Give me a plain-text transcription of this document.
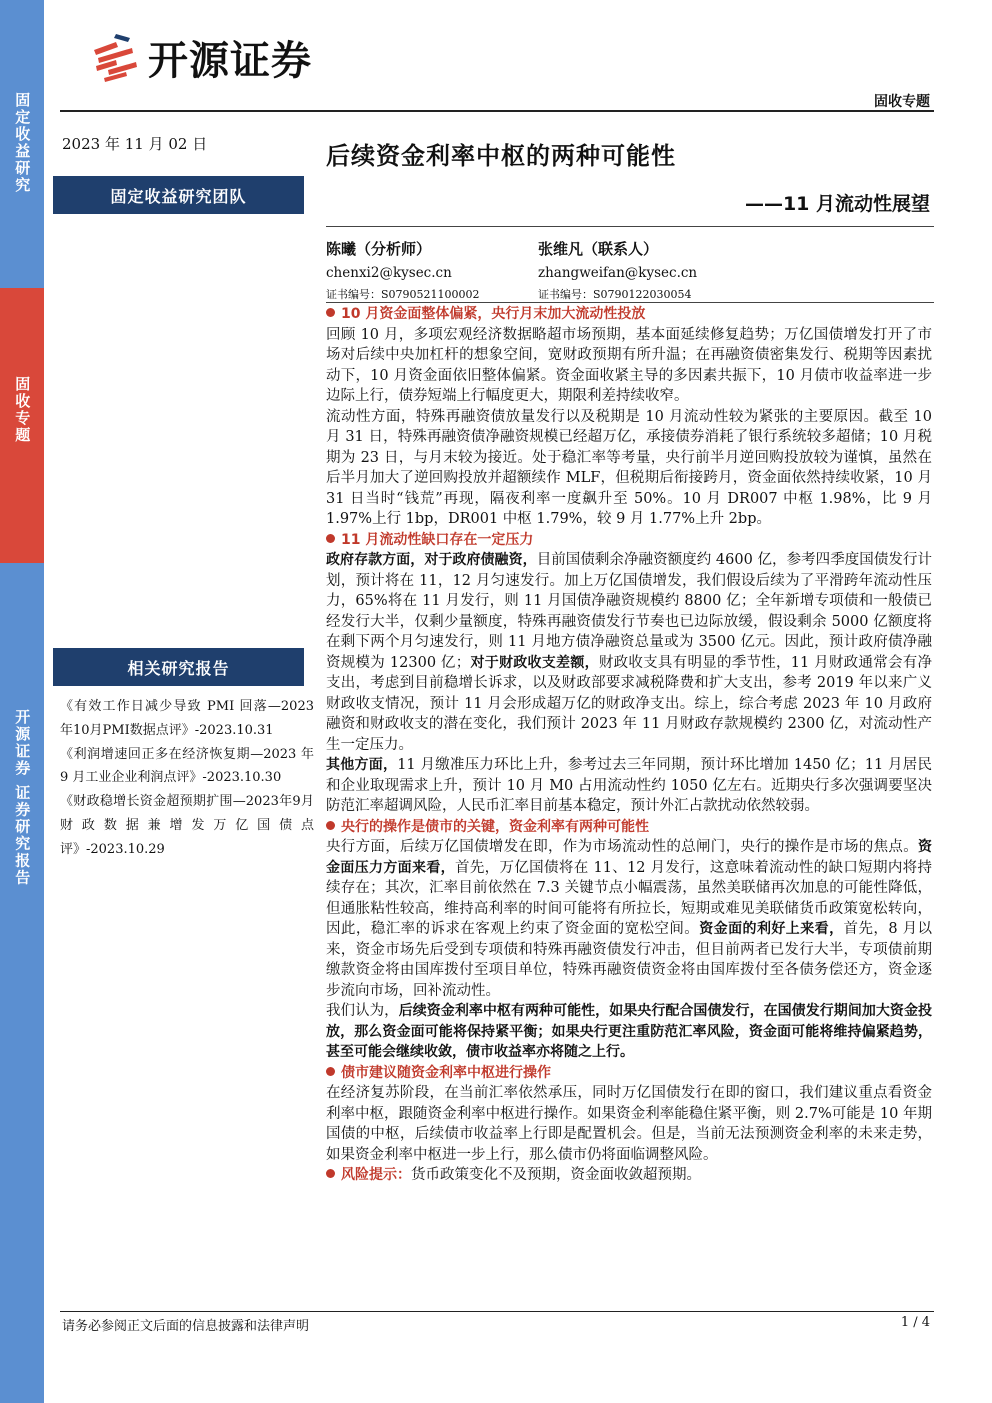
固定收益研究
固收专题
开源证券 证券研究报告
开源证券
固收专题
2023 年 11 月 02 日
固定收益研究团队
相关研究报告

《有效工作日减少导致 PMI 回落—2023 年10月PMI数据点评》-2023.10.31

《利润增速回正多在经济恢复期—2023 年 9 月工业企业利润点评》-2023.10.30

《财政稳增长资金超预期扩围—2023年9月财政数据兼增发万亿国债点评》-2023.10.29

后续资金利率中枢的两种可能性
——11 月流动性展望
陈曦（分析师）
chenxi2@kysec.cn
证书编号：S0790521100002
张维凡（联系人）
zhangweifan@kysec.cn
证书编号：S0790122030054

10 月资金面整体偏紧，央行月末加大流动性投放

回顾 10 月，多项宏观经济数据略超市场预期，基本面延续修复趋势；万亿国债增发打开了市场对后续中央加杠杆的想象空间，宽财政预期有所升温；在再融资债密集发行、税期等因素扰动下，10 月资金面依旧整体偏紧。资金面收紧主导的多因素共振下，10 月债市收益率进一步边际上行，债券短端上行幅度更大，期限利差持续收窄。

流动性方面，特殊再融资债放量发行以及税期是 10 月流动性较为紧张的主要原因。截至 10 月 31 日，特殊再融资债净融资规模已经超万亿，承接债券消耗了银行系统较多超储；10 月税期为 23 日，与月末较为接近。处于稳汇率等考量，央行前半月逆回购投放较为谨慎，虽然在后半月加大了逆回购投放并超额续作 MLF，但税期后衔接跨月，资金面依然持续收紧，10 月 31 日当时“钱荒”再现，隔夜利率一度飙升至 50%。10 月 DR007 中枢 1.98%，比 9 月 1.97%上行 1bp，DR001 中枢 1.79%，较 9 月 1.77%上升 2bp。

11 月流动性缺口存在一定压力

政府存款方面，对于政府债融资，目前国债剩余净融资额度约 4600 亿，参考四季度国债发行计划，预计将在 11，12 月匀速发行。加上万亿国债增发，我们假设后续为了平滑跨年流动性压力，65%将在 11 月发行，则 11 月国债净融资规模约 8800 亿；全年新增专项债和一般债已经发行大半，仅剩少量额度，特殊再融资债发行节奏也已边际放缓，假设剩余 5000 亿额度将在剩下两个月匀速发行，则 11 月地方债净融资总量或为 3500 亿元。因此，预计政府债净融资规模为 12300 亿；对于财政收支差额，财政收支具有明显的季节性，11 月财政通常会有净支出，考虑到目前稳增长诉求，以及财政部要求减税降费和扩大支出，参考 2019 年以来广义财政收支情况，预计 11 月会形成超万亿的财政净支出。综上，综合考虑 2023 年 10 月政府融资和财政收支的潜在变化，我们预计 2023 年 11 月财政存款规模约 2300 亿，对流动性产生一定压力。

其他方面，11 月缴准压力环比上升，参考过去三年同期，预计环比增加 1450 亿；11 月居民和企业取现需求上升，预计 10 月 M0 占用流动性约 1050 亿左右。近期央行多次强调要坚决防范汇率超调风险，人民币汇率目前基本稳定，预计外汇占款扰动依然较弱。

央行的操作是债市的关键，资金利率有两种可能性

央行方面，后续万亿国债增发在即，作为市场流动性的总闸门，央行的操作是市场的焦点。资金面压力方面来看，首先，万亿国债将在 11、12 月发行，这意味着流动性的缺口短期内将持续存在；其次，汇率目前依然在 7.3 关键节点小幅震荡，虽然美联储再次加息的可能性降低，但通胀粘性较高，维持高利率的时间可能将有所拉长，短期或难见美联储货币政策宽松转向，因此，稳汇率的诉求在客观上约束了资金面的宽松空间。资金面的利好上来看，首先，8 月以来，资金市场先后受到专项债和特殊再融资债发行冲击，但目前两者已发行大半，专项债前期缴款资金将由国库拨付至项目单位，特殊再融资债资金将由国库拨付至各债务偿还方，资金逐步流向市场，回补流动性。

我们认为，后续资金利率中枢有两种可能性，如果央行配合国债发行，在国债发行期间加大资金投放，那么资金面可能将保持紧平衡；如果央行更注重防范汇率风险，资金面可能将维持偏紧趋势，甚至可能会继续收敛，债市收益率亦将随之上行。

债市建议随资金利率中枢进行操作

在经济复苏阶段，在当前汇率依然承压，同时万亿国债发行在即的窗口，我们建议重点看资金利率中枢，跟随资金利率中枢进行操作。如果资金利率能稳住紧平衡，则 2.7%可能是 10 年期国债的中枢，后续债市收益率上行即是配置机会。但是，当前无法预测资金利率的未来走势，如果资金利率中枢进一步上行，那么债市仍将面临调整风险。

风险提示：货币政策变化不及预期，资金面收敛超预期。

请务必参阅正文后面的信息披露和法律声明	1 / 4
